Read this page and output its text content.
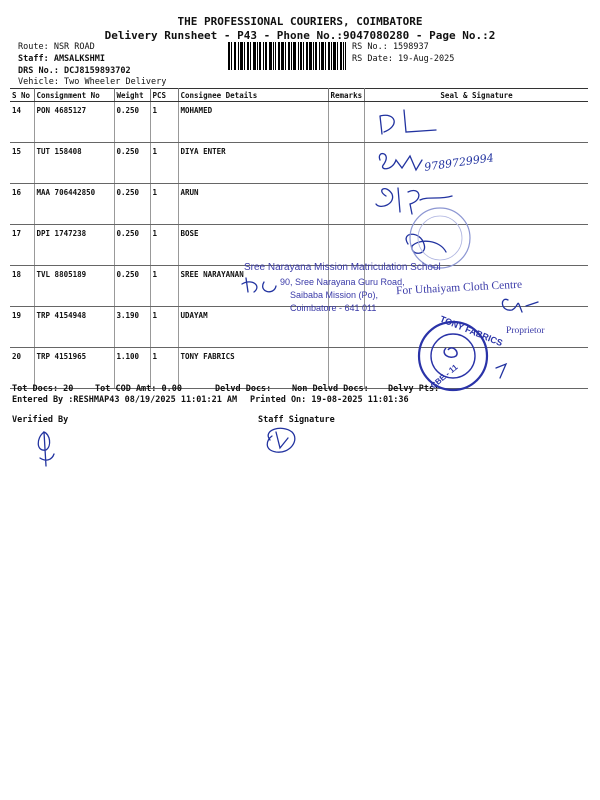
THE PROFESSIONAL COURIERS, COIMBATORE
Delivery Runsheet - P43 - Phone No.:9047080280 - Page No.:2
Route: NSR ROAD
Staff: AMSALKSHMI
DRS No.: DCJ8159893702
Vehicle: Two Wheeler Delivery
RS No.: 1598937
RS Date: 19-Aug-2025
S No	Consignment No	Weight	PCS	Consignee Details	Remarks	Seal & Signature
14	PON 4685127	0.250	1	MOHAMED		
15	TUT 158408	0.250	1	DIYA ENTER		
16	MAA 706442850	0.250	1	ARUN		
17	DPI 1747238	0.250	1	BOSE		
18	TVL 8805189	0.250	1	SREE NARAYANAN		
19	TRP 4154948	3.190	1	UDAYAM		
20	TRP 4151965	1.100	1	TONY FABRICS		
Tot Docs: 20	Tot COD Amt: 0.00	Delvd Docs: Non Delvd Docs: Delvy Pts:
Entered By :RESHMAP43 08/19/2025 11:01:21 AM Printed On: 19-08-2025 11:01:36
Verified By	Staff Signature
9789729994
Sree Narayana Mission Matriculation School
90, Sree Narayana Guru Road,
Saibaba Mission (Po),
Coimbatore - 641 011
For Uthaiyam Cloth Centre
Proprietor
TONY FABRICS
CBE - 11
